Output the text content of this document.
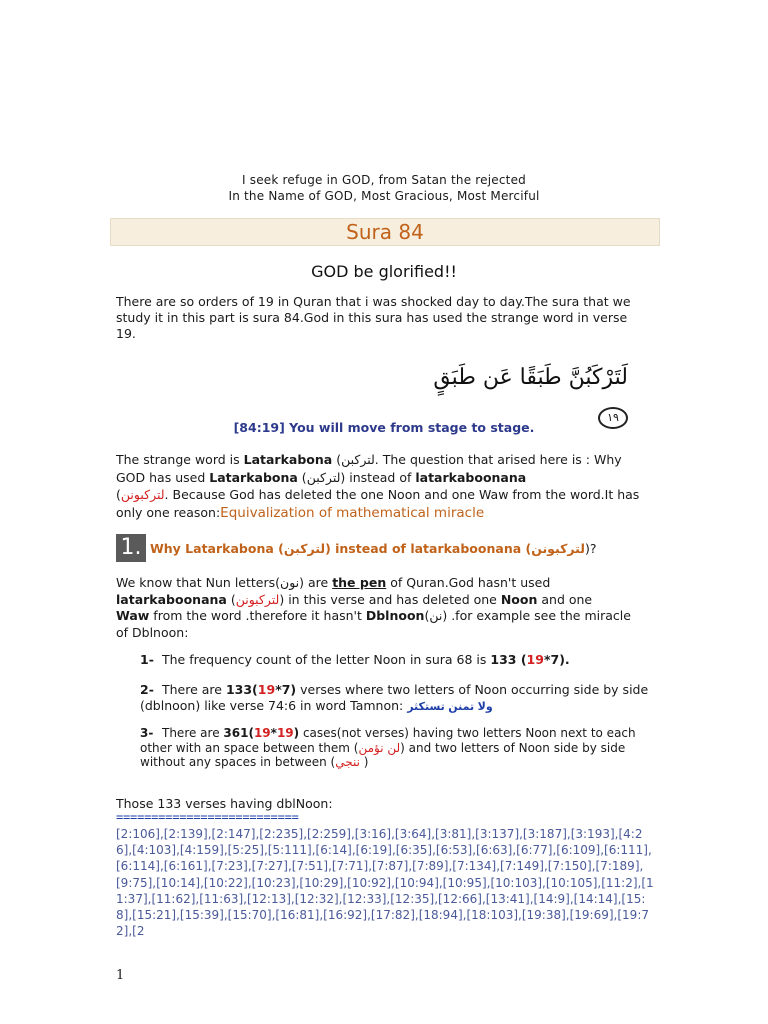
I seek refuge in GOD, from Satan the rejected
In the Name of GOD, Most Gracious, Most Merciful
Sura 84
GOD be glorified!!
There are so orders of 19 in Quran that i was shocked day to day.The sura that we study it in this part is sura 84.God in this sura has used the strange word in verse 19.
لَتَرْكَبُنَّ طَبَقًا عَن طَبَقٍ ١٩
[84:19] You will move from stage to stage.
The strange word is Latarkabona (لتركبن. The question that arised here is : Why GOD has used Latarkabona (لتركبن) instead of latarkaboonana
(لتركبونن. Because God has deleted the one Noon and one Waw from the word.It has only one reason:Equivalization of mathematical miracle
1. Why Latarkabona (لتركبن) instead of latarkaboonana (لتركبونن)?
We know that Nun letters(نون) are the pen of Quran.God hasn't used
latarkaboonana (لتركبونن) in this verse and has deleted one Noon and one
Waw from the word .therefore it hasn't Dblnoon(نن) .for example see the miracle of Dblnoon:
1- The frequency count of the letter Noon in sura 68 is 133 (19*7).
2- There are 133(19*7) verses where two letters of Noon occurring side by side (dblnoon) like verse 74:6 in word Tamnon:	ولا تمنن تستكثر
3- There are 361(19*19) cases(not verses) having two letters Noon next to each other with an space between them (لن نؤمن) and two letters of Noon side by side without any spaces in between (ننجي )
Those 133 verses having dblNoon:
==========================
[2:106],[2:139],[2:147],[2:235],[2:259],[3:16],[3:64],[3:81],[3:137],[3:187],[3:193],[4:26],[4:103],[4:159],[5:25],[5:111],[6:14],[6:19],[6:35],[6:53],[6:63],[6:77],[6:109],[6:111],[6:114],[6:161],[7:23],[7:27],[7:51],[7:71],[7:87],[7:89],[7:134],[7:149],[7:150],[7:189],[9:75],[10:14],[10:22],[10:23],[10:29],[10:92],[10:94],[10:95],[10:103],[10:105],[11:2],[11:37],[11:62],[11:63],[12:13],[12:32],[12:33],[12:35],[12:66],[13:41],[14:9],[14:14],[15:8],[15:21],[15:39],[15:70],[16:81],[16:92],[17:82],[18:94],[18:103],[19:38],[19:69],[19:72],[2
1
